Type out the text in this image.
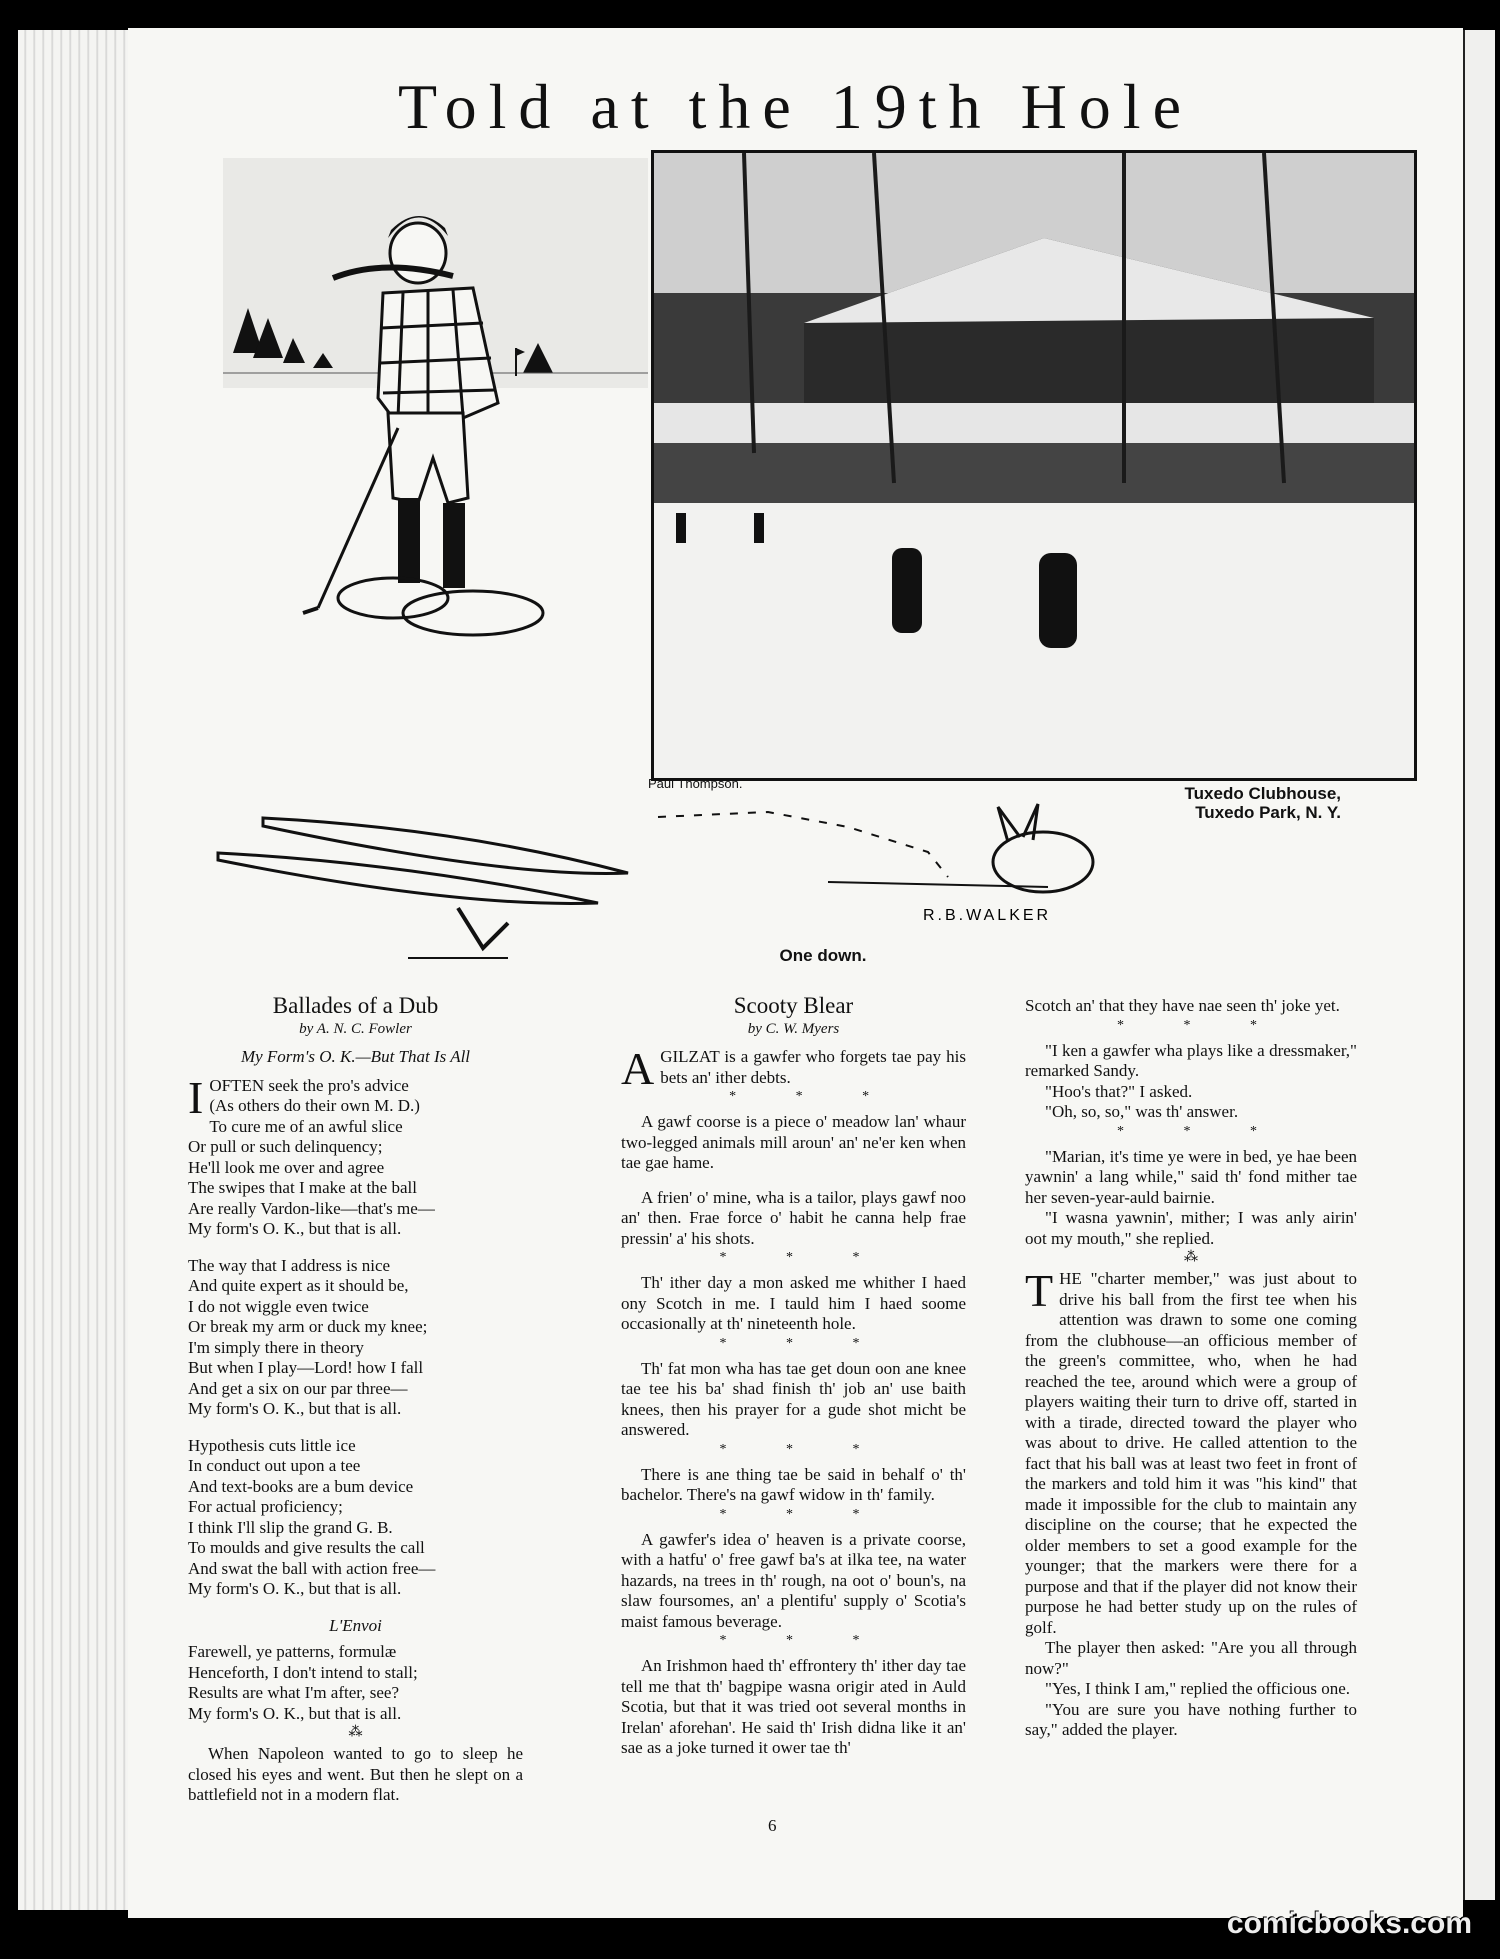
Told at the 19th Hole
Paul Thompson.
Tuxedo Clubhouse,
Tuxedo Park, N. Y.
R.B.WALKER
One down.
Ballades of a Dub
by A. N. C. Fowler
My Form's O. K.—But That Is All
I OFTEN seek the pro's advice

(As others do their own M. D.)

To cure me of an awful slice

Or pull or such delinquency;

He'll look me over and agree

The swipes that I make at the ball

Are really Vardon-like—that's me—

My form's O. K., but that is all.

The way that I address is nice

And quite expert as it should be,

I do not wiggle even twice

Or break my arm or duck my knee;

I'm simply there in theory

But when I play—Lord! how I fall

And get a six on our par three—

My form's O. K., but that is all.

Hypothesis cuts little ice

In conduct out upon a tee

And text-books are a bum device

For actual proficiency;

I think I'll slip the grand G. B.

To moulds and give results the call

And swat the ball with action free—

My form's O. K., but that is all.

L'Envoi

Farewell, ye patterns, formulæ

Henceforth, I don't intend to stall;

Results are what I'm after, see?

My form's O. K., but that is all.

⁂

When Napoleon wanted to go to sleep he closed his eyes and went. But then he slept on a battlefield not in a modern flat.

Scooty Blear
by C. W. Myers

AGILZAT is a gawfer who forgets tae pay his bets an' ither debts.

* * *

A gawf coorse is a piece o' meadow lan' whaur two-legged animals mill aroun' an' ne'er ken when tae gae hame.

A frien' o' mine, wha is a tailor, plays gawf noo an' then. Frae force o' habit he canna help frae pressin' a' his shots.

* * *

Th' ither day a mon asked me whither I haed ony Scotch in me. I tauld him I haed soome occasionally at th' nineteenth hole.

* * *

Th' fat mon wha has tae get doun oon ane knee tae tee his ba' shad finish th' job an' use baith knees, then his prayer for a gude shot micht be answered.

* * *

There is ane thing tae be said in behalf o' th' bachelor. There's na gawf widow in th' family.

* * *

A gawfer's idea o' heaven is a private coorse, with a hatfu' o' free gawf ba's at ilka tee, na water hazards, na trees in th' rough, na oot o' boun's, na slaw foursomes, an' a plentifu' supply o' Scotia's maist famous beverage.

* * *

An Irishmon haed th' effrontery th' ither day tae tell me that th' bagpipe wasna origir ated in Auld Scotia, but that it was tried oot several months in Irelan' aforehan'. He said th' Irish didna like it an' sae as a joke turned it ower tae th'

Scotch an' that they have nae seen th' joke yet.

* * *

"I ken a gawfer wha plays like a dressmaker," remarked Sandy.

"Hoo's that?" I asked.

"Oh, so, so," was th' answer.

* * *

"Marian, it's time ye were in bed, ye hae been yawnin' a lang while," said th' fond mither tae her seven-year-auld bairnie.

"I wasna yawnin', mither; I was anly airin' oot my mouth," she replied.

⁂

THE "charter member," was just about to drive his ball from the first tee when his attention was drawn to some one coming from the clubhouse—an officious member of the green's committee, who, when he had reached the tee, around which were a group of players waiting their turn to drive off, started in with a tirade, directed toward the player who was about to drive. He called attention to the fact that his ball was at least two feet in front of the markers and told him it was "his kind" that made it impossible for the club to maintain any discipline on the course; that he expected the older members to set a good example for the younger; that the markers were there for a purpose and that if the player did not know their purpose he had better study up on the rules of golf.

The player then asked: "Are you all through now?"

"Yes, I think I am," replied the officious one.

"You are sure you have nothing further to say," added the player.

6
comicbooks.com
